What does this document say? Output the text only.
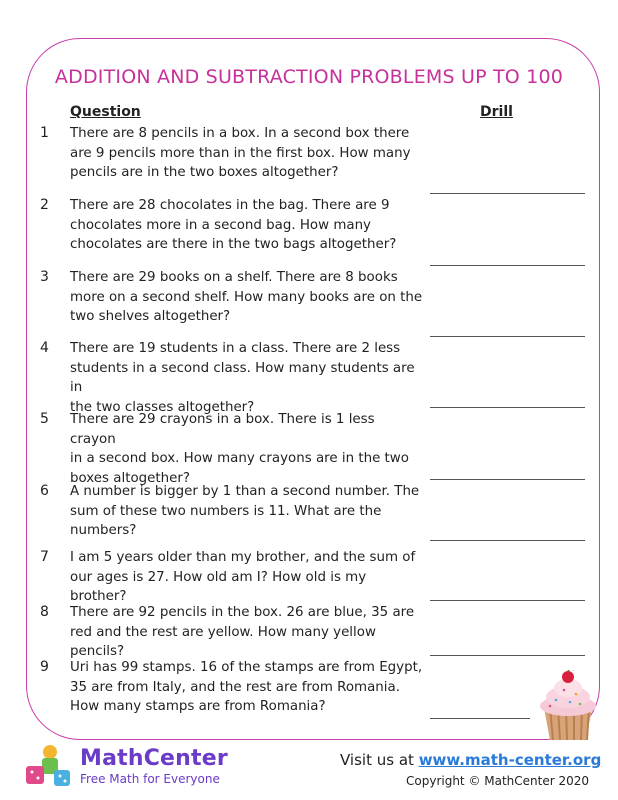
ADDITION AND SUBTRACTION PROBLEMS UP TO 100
Question	Drill
1 There are 8 pencils in a box. In a second box there
are 9 pencils more than in the first box. How many
pencils are in the two boxes altogether?
2 There are 28 chocolates in the bag. There are 9
chocolates more in a second bag. How many
chocolates are there in the two bags altogether?
3 There are 29 books on a shelf. There are 8 books
more on a second shelf. How many books are on the
two shelves altogether?
4 There are 19 students in a class. There are 2 less
students in a second class. How many students are in
the two classes altogether?
5 There are 29 crayons in a box. There is 1 less crayon
in a second box. How many crayons are in the two
boxes altogether?
6 A number is bigger by 1 than a second number. The
sum of these two numbers is 11. What are the
numbers?
7 I am 5 years older than my brother, and the sum of
our ages is 27. How old am I? How old is my brother?
8 There are 92 pencils in the box. 26 are blue, 35 are
red and the rest are yellow. How many yellow pencils?
9 Uri has 99 stamps. 16 of the stamps are from Egypt,
35 are from Italy, and the rest are from Romania.
How many stamps are from Romania?
MathCenter
Free Math for Everyone
Visit us at www.math-center.org
Copyright © MathCenter 2020
